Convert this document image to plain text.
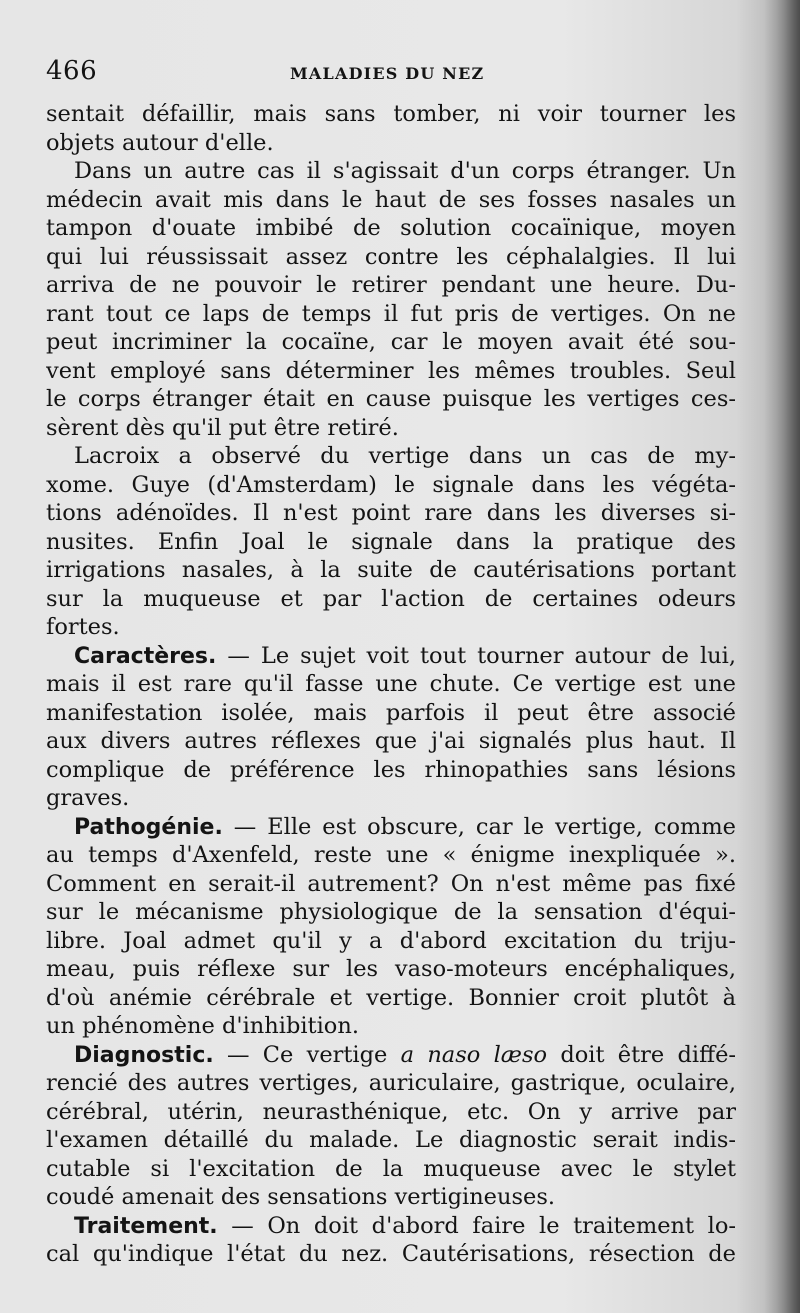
466	MALADIES DU NEZ
sentait défaillir, mais sans tomber, ni voir tourner les
objets autour d'elle.
Dans un autre cas il s'agissait d'un corps étranger. Un
médecin avait mis dans le haut de ses fosses nasales un
tampon d'ouate imbibé de solution cocaïnique, moyen
qui lui réussissait assez contre les céphalalgies. Il lui
arriva de ne pouvoir le retirer pendant une heure. Du-
rant tout ce laps de temps il fut pris de vertiges. On ne
peut incriminer la cocaïne, car le moyen avait été sou-
vent employé sans déterminer les mêmes troubles. Seul
le corps étranger était en cause puisque les vertiges ces-
sèrent dès qu'il put être retiré.
Lacroix a observé du vertige dans un cas de my-
xome. Guye (d'Amsterdam) le signale dans les végéta-
tions adénoïdes. Il n'est point rare dans les diverses si-
nusites. Enfin Joal le signale dans la pratique des
irrigations nasales, à la suite de cautérisations portant
sur la muqueuse et par l'action de certaines odeurs
fortes.
Caractères. — Le sujet voit tout tourner autour de lui,
mais il est rare qu'il fasse une chute. Ce vertige est une
manifestation isolée, mais parfois il peut être associé
aux divers autres réflexes que j'ai signalés plus haut. Il
complique de préférence les rhinopathies sans lésions
graves.
Pathogénie. — Elle est obscure, car le vertige, comme
au temps d'Axenfeld, reste une « énigme inexpliquée ».
Comment en serait-il autrement? On n'est même pas fixé
sur le mécanisme physiologique de la sensation d'équi-
libre. Joal admet qu'il y a d'abord excitation du triju-
meau, puis réflexe sur les vaso-moteurs encéphaliques,
d'où anémie cérébrale et vertige. Bonnier croit plutôt à
un phénomène d'inhibition.
Diagnostic. — Ce vertige a naso læso doit être diffé-
rencié des autres vertiges, auriculaire, gastrique, oculaire,
cérébral, utérin, neurasthénique, etc. On y arrive par
l'examen détaillé du malade. Le diagnostic serait indis-
cutable si l'excitation de la muqueuse avec le stylet
coudé amenait des sensations vertigineuses.
Traitement. — On doit d'abord faire le traitement lo-
cal qu'indique l'état du nez. Cautérisations, résection de
